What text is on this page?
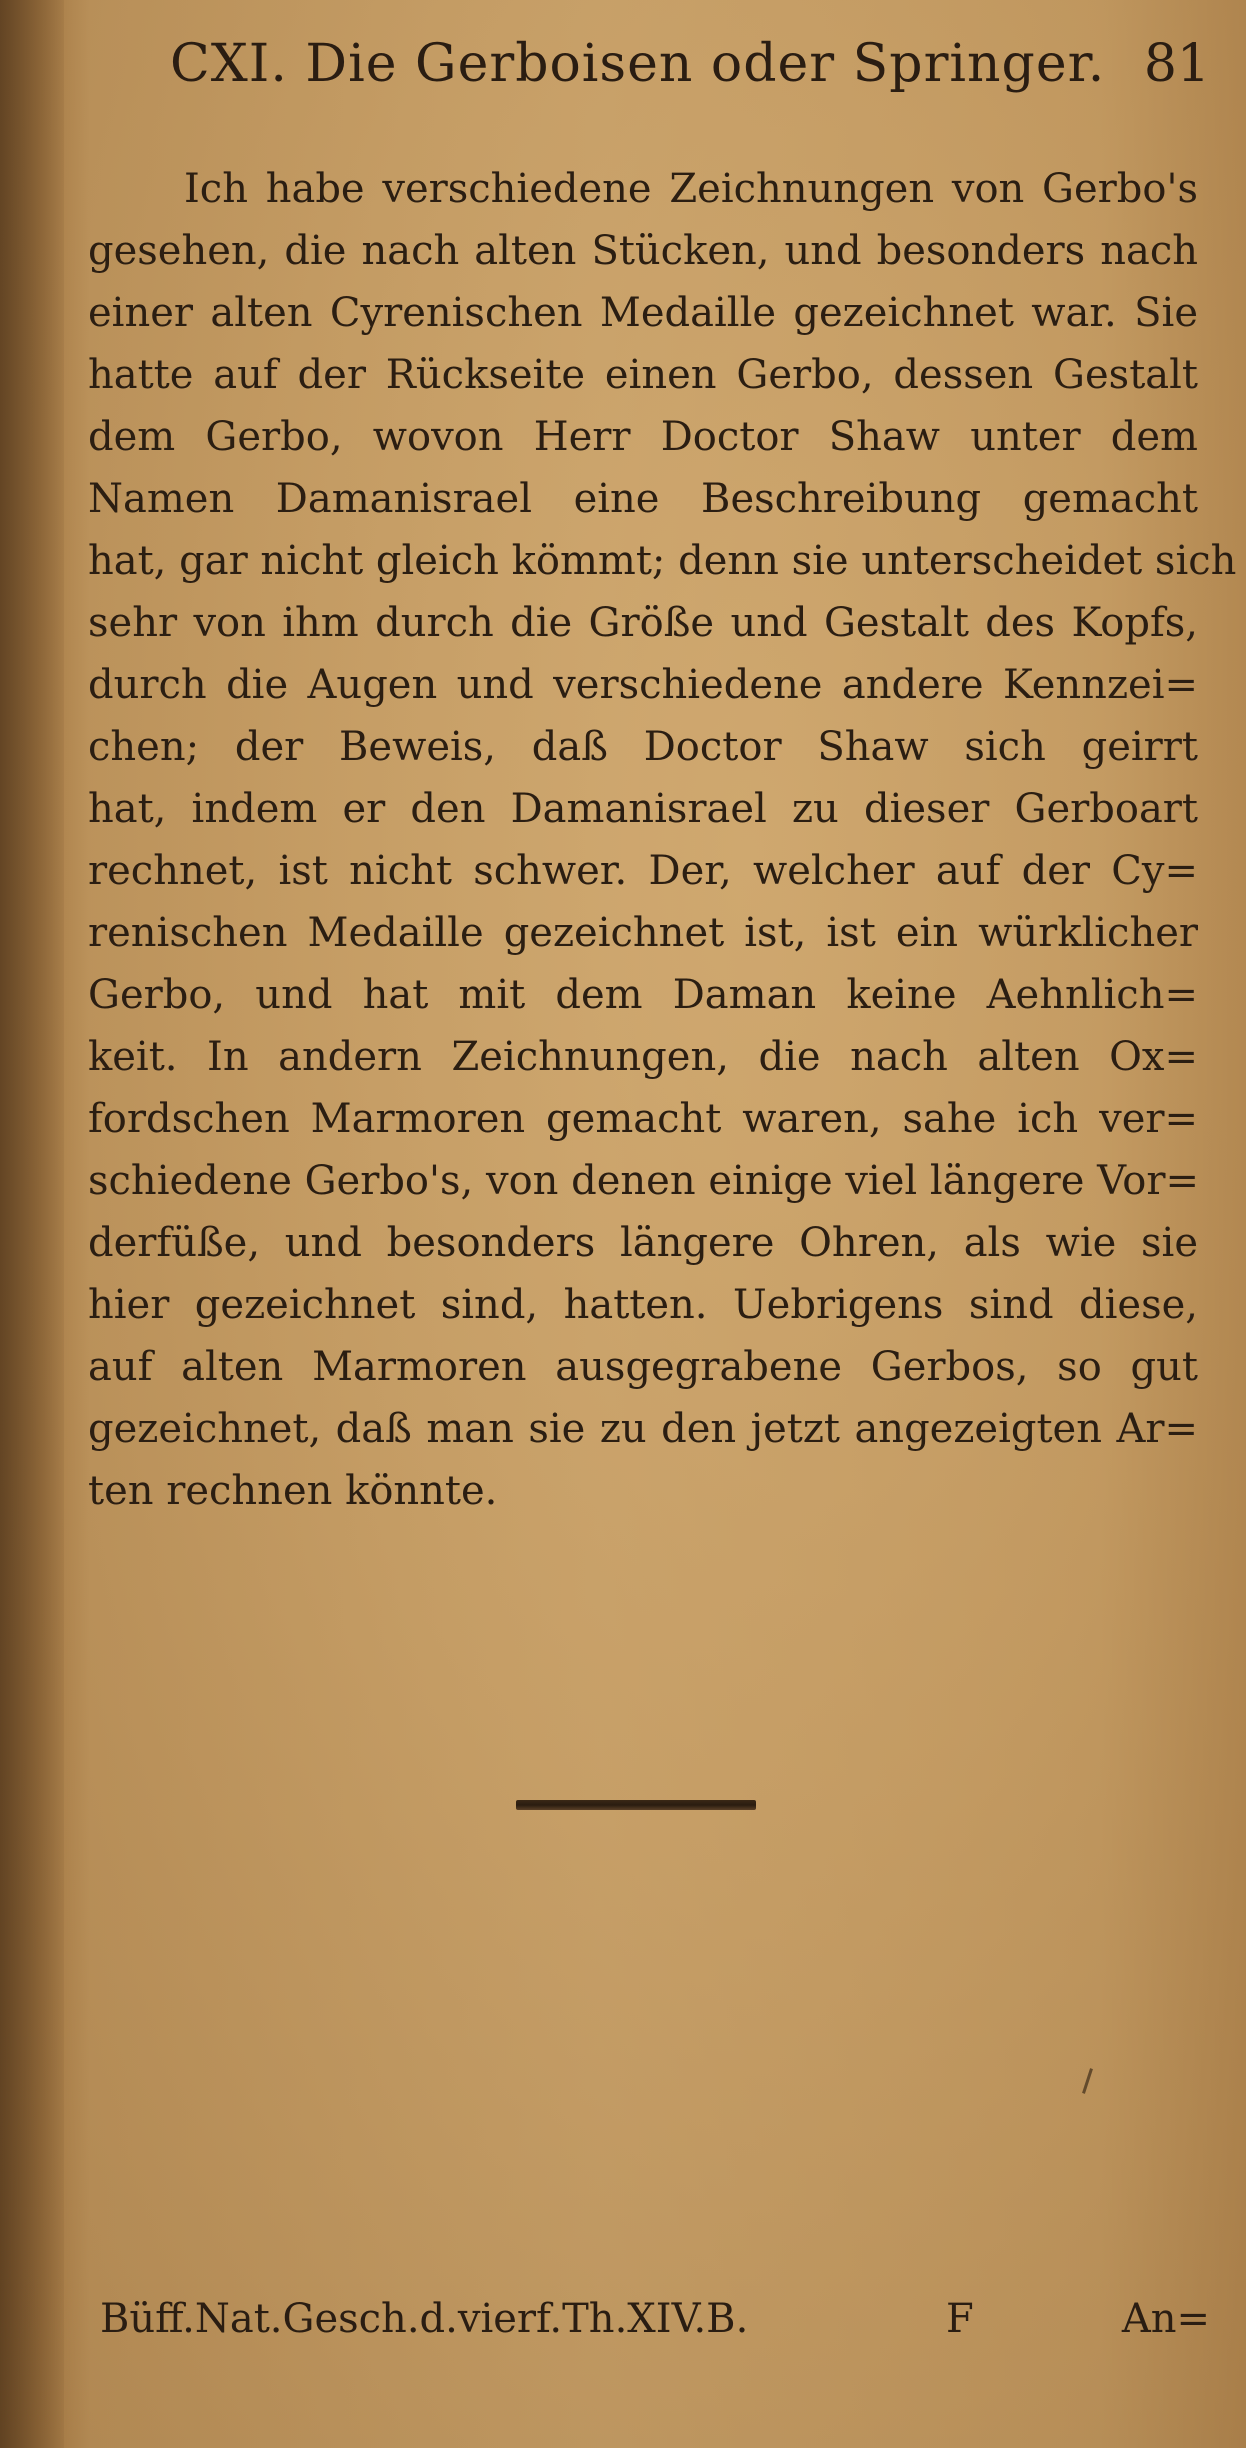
CXI. Die Gerboisen oder Springer. 81
Ich habe verschiedene Zeichnungen von Gerbo's
gesehen, die nach alten Stücken, und besonders nach
einer alten Cyrenischen Medaille gezeichnet war. Sie
hatte auf der Rückseite einen Gerbo, dessen Gestalt
dem Gerbo, wovon Herr Doctor Shaw unter dem
Namen Damanisrael eine Beschreibung gemacht
hat, gar nicht gleich kömmt; denn sie unterscheidet sich
sehr von ihm durch die Größe und Gestalt des Kopfs,
durch die Augen und verschiedene andere Kennzei=
chen; der Beweis, daß Doctor Shaw sich geirrt
hat, indem er den Damanisrael zu dieser Gerboart
rechnet, ist nicht schwer. Der, welcher auf der Cy=
renischen Medaille gezeichnet ist, ist ein würklicher
Gerbo, und hat mit dem Daman keine Aehnlich=
keit. In andern Zeichnungen, die nach alten Ox=
fordschen Marmoren gemacht waren, sahe ich ver=
schiedene Gerbo's, von denen einige viel längere Vor=
derfüße, und besonders längere Ohren, als wie sie
hier gezeichnet sind, hatten. Uebrigens sind diese,
auf alten Marmoren ausgegrabene Gerbos, so gut
gezeichnet, daß man sie zu den jetzt angezeigten Ar=
ten rechnen könnte.
Büff.Nat.Gesch.d.vierf.Th.XIV.B.	F	An=
